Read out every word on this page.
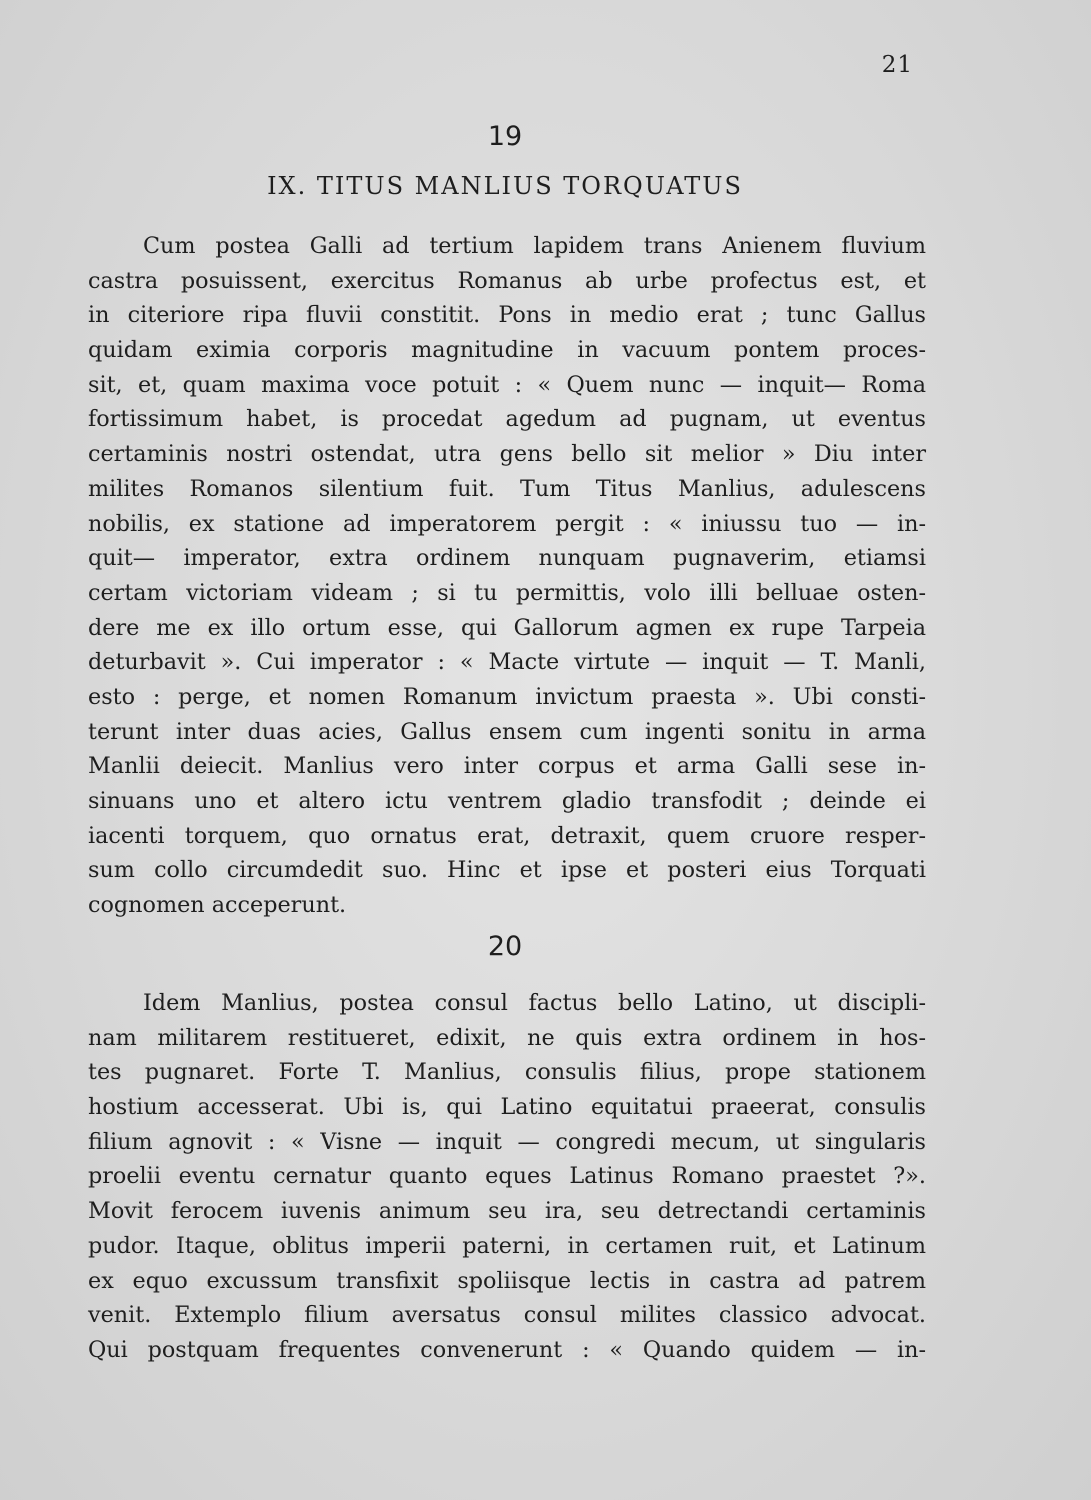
21
19
IX. TITUS MANLIUS TORQUATUS
Cum postea Galli ad tertium lapidem trans Anienem fluvium
castra posuissent, exercitus Romanus ab urbe profectus est, et
in citeriore ripa fluvii constitit. Pons in medio erat ; tunc Gallus
quidam eximia corporis magnitudine in vacuum pontem proces-
sit, et, quam maxima voce potuit : « Quem nunc — inquit— Roma
fortissimum habet, is procedat agedum ad pugnam, ut eventus
certaminis nostri ostendat, utra gens bello sit melior » Diu inter
milites Romanos silentium fuit. Tum Titus Manlius, adulescens
nobilis, ex statione ad imperatorem pergit : « iniussu tuo — in-
quit— imperator, extra ordinem nunquam pugnaverim, etiamsi
certam victoriam videam ; si tu permittis, volo illi belluae osten-
dere me ex illo ortum esse, qui Gallorum agmen ex rupe Tarpeia
deturbavit ». Cui imperator : « Macte virtute — inquit — T. Manli,
esto : perge, et nomen Romanum invictum praesta ». Ubi consti-
terunt inter duas acies, Gallus ensem cum ingenti sonitu in arma
Manlii deiecit. Manlius vero inter corpus et arma Galli sese in-
sinuans uno et altero ictu ventrem gladio transfodit ; deinde ei
iacenti torquem, quo ornatus erat, detraxit, quem cruore resper-
sum collo circumdedit suo. Hinc et ipse et posteri eius Torquati
cognomen acceperunt.
20
Idem Manlius, postea consul factus bello Latino, ut discipli-
nam militarem restitueret, edixit, ne quis extra ordinem in hos-
tes pugnaret. Forte T. Manlius, consulis filius, prope stationem
hostium accesserat. Ubi is, qui Latino equitatui praeerat, consulis
filium agnovit : « Visne — inquit — congredi mecum, ut singularis
proelii eventu cernatur quanto eques Latinus Romano praestet ?».
Movit ferocem iuvenis animum seu ira, seu detrectandi certaminis
pudor. Itaque, oblitus imperii paterni, in certamen ruit, et Latinum
ex equo excussum transfixit spoliisque lectis in castra ad patrem
venit. Extemplo filium aversatus consul milites classico advocat.
Qui postquam frequentes convenerunt : « Quando quidem — in-
